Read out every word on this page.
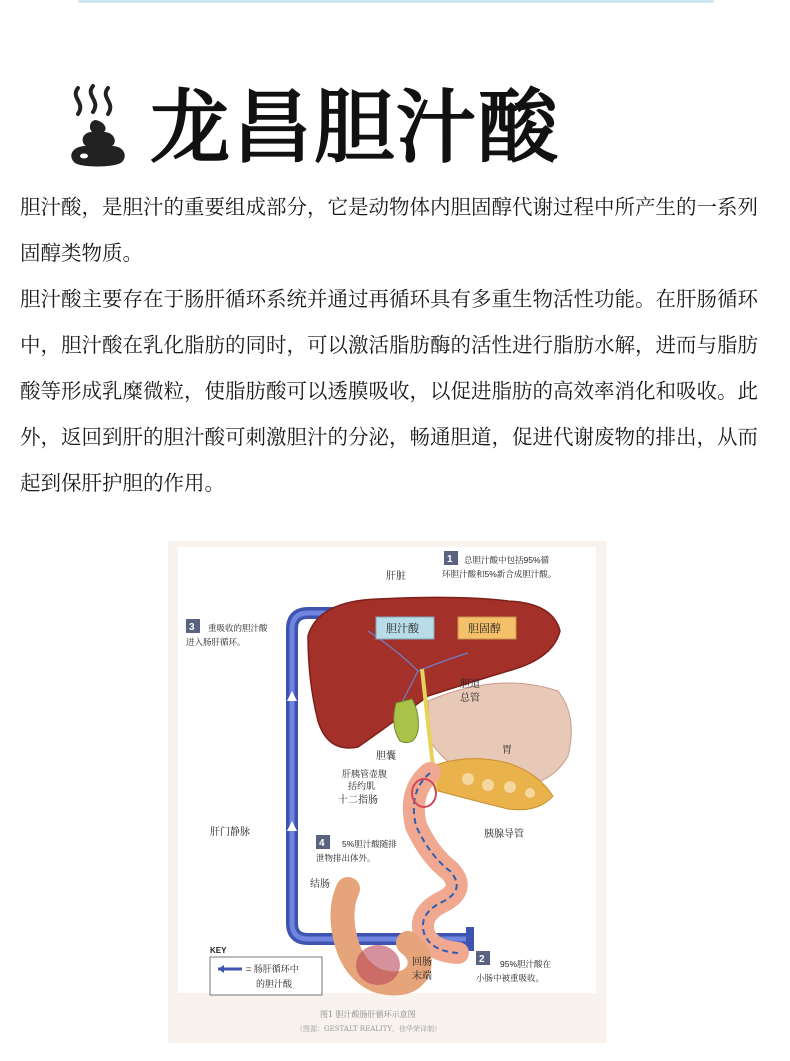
龙昌胆汁酸

胆汁酸，是胆汁的重要组成部分，它是动物体内胆固醇代谢过程中所产生的一系列固醇类物质。

胆汁酸主要存在于肠肝循环系统并通过再循环具有多重生物活性功能。在肝肠循环中，胆汁酸在乳化脂肪的同时，可以激活脂肪酶的活性进行脂肪水解，进而与脂肪酸等形成乳糜微粒，使脂肪酸可以透膜吸收，以促进脂肪的高效率消化和吸收。此外，返回到肝的胆汁酸可刺激胆汁的分泌，畅通胆道，促进代谢废物的排出，从而起到保肝护胆的作用。

肝脏
胆汁酸	胆固醇
胆道
总管
胆囊
胃
肝胰管壶腹
括约肌
十二指肠
胰腺导管
肝门静脉
结肠
回肠
末端
1 总胆汁酸中包括95%循
环胆汁酸和5%新合成胆汁酸。
3 重吸收的胆汁酸
进入肠肝循环。
4 5%胆汁酸随排
泄物排出体外。
2 95%胆汁酸在
小肠中被重吸收。
KEY
= 肠肝循环中
的胆汁酸
图1 胆汁酸肠肝循环示意图
（图源：GESTALT REALITY，徐华荣译制）
